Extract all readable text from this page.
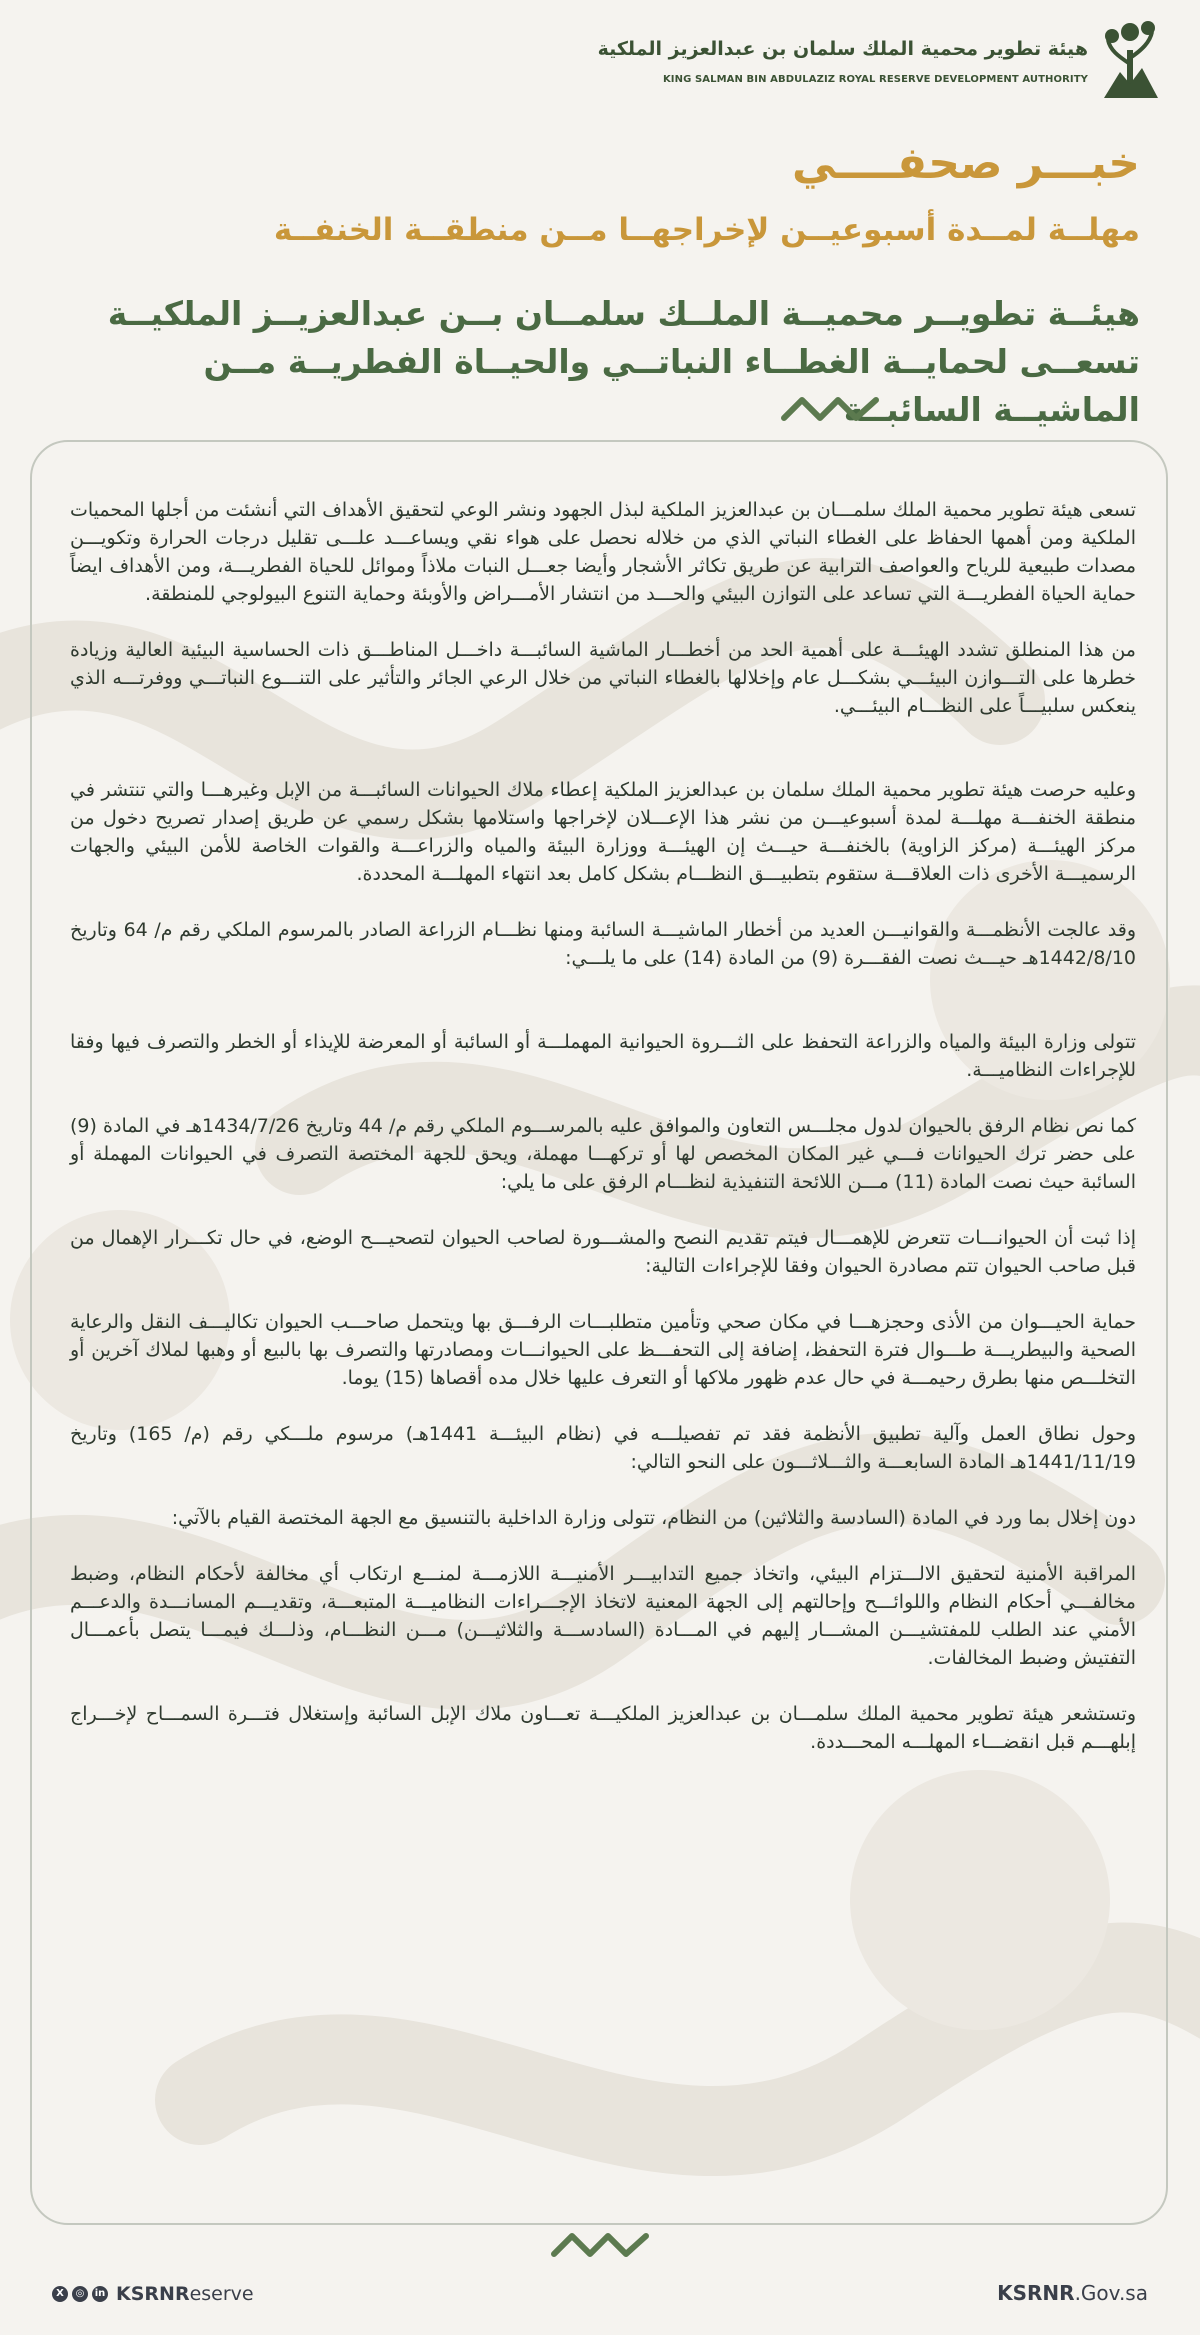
هيئة تطوير محمية الملك سلمان بن عبدالعزيز الملكية
KING SALMAN BIN ABDULAZIZ ROYAL RESERVE DEVELOPMENT AUTHORITY
خبـــر صحفــــي
مهلــة لمــدة أسبوعيــن لإخراجهــا مــن منطقــة الخنفــة
هيئــة تطويــر محميــة الملــك سلمــان بــن عبدالعزيــز الملكيــة تسعــى لحمايــة الغطــاء النباتــي والحيــاة الفطريــة مــن الماشيــة السائبــة

تسعى هيئة تطوير محمية الملك سلمـــان بن عبدالعزيز الملكية لبذل الجهود ونشر الوعي لتحقيق الأهداف التي أنشئت من أجلها المحميات الملكية ومن أهمها الحفاظ على الغطاء النباتي الذي من خلاله نحصل على هواء نقي ويساعـــد علـــى تقليل درجات الحرارة وتكويـــن مصدات طبيعية للرياح والعواصف الترابية عن طريق تكاثر الأشجار وأيضا جعـــل النبات ملاذاً وموائل للحياة الفطريـــة، ومن الأهداف ايضاً حماية الحياة الفطريـــة التي تساعد على التوازن البيئي والحـــد من انتشار الأمـــراض والأوبئة وحماية التنوع البيولوجي للمنطقة.

من هذا المنطلق تشدد الهيئـــة على أهمية الحد من أخطـــار الماشية السائبـــة داخـــل المناطـــق ذات الحساسية البيئية العالية وزيادة خطرها على التـــوازن البيئـــي بشكـــل عام وإخلالها بالغطاء النباتي من خلال الرعي الجائر والتأثير على التنـــوع النباتـــي ووفرتـــه الذي ينعكس سلبيـــاً على النظـــام البيئـــي.

وعليه حرصت هيئة تطوير محمية الملك سلمان بن عبدالعزيز الملكية إعطاء ملاك الحيوانات السائبـــة من الإبل وغيرهـــا والتي تنتشر في منطقة الخنفـــة مهلـــة لمدة أسبوعيـــن من نشر هذا الإعـــلان لإخراجها واستلامها بشكل رسمي عن طريق إصدار تصريح دخول من مركز الهيئـــة (مركز الزاوية) بالخنفـــة حيـــث إن الهيئـــة ووزارة البيئة والمياه والزراعـــة والقوات الخاصة للأمن البيئي والجهات الرسميـــة الأخرى ذات العلاقـــة ستقوم بتطبيـــق النظـــام بشكل كامل بعد انتهاء المهلـــة المحددة.

وقد عالجت الأنظمـــة والقوانيـــن العديد من أخطار الماشيـــة السائبة ومنها نظـــام الزراعة الصادر بالمرسوم الملكي رقم م/ 64 وتاريخ 1442/8/10هـ حيـــث نصت الفقـــرة (9) من المادة (14) على ما يلـــي:

تتولى وزارة البيئة والمياه والزراعة التحفظ على الثـــروة الحيوانية المهملـــة أو السائبة أو المعرضة للإيذاء أو الخطر والتصرف فيها وفقا للإجراءات النظاميـــة.

كما نص نظام الرفق بالحيوان لدول مجلـــس التعاون والموافق عليه بالمرســـوم الملكي رقم م/ 44 وتاريخ 1434/7/26هـ في المادة (9) على حضر ترك الحيوانات فـــي غير المكان المخصص لها أو تركهـــا مهملة، ويحق للجهة المختصة التصرف في الحيوانات المهملة أو السائبة حيث نصت المادة (11) مـــن اللائحة التنفيذية لنظـــام الرفق على ما يلي:

إذا ثبت أن الحيوانـــات تتعرض للإهمـــال فيتم تقديم النصح والمشـــورة لصاحب الحيوان لتصحيـــح الوضع، في حال تكـــرار الإهمال من قبل صاحب الحيوان تتم مصادرة الحيوان وفقا للإجراءات التالية:

حماية الحيـــوان من الأذى وحجزهـــا في مكان صحي وتأمين متطلبـــات الرفـــق بها ويتحمل صاحـــب الحيوان تكاليـــف النقل والرعاية الصحية والبيطريـــة طـــوال فترة التحفظ، إضافة إلى التحفـــظ على الحيوانـــات ومصادرتها والتصرف بها بالبيع أو وهبها لملاك آخرين أو التخلـــص منها بطرق رحيمـــة في حال عدم ظهور ملاكها أو التعرف عليها خلال مده أقصاها (15) يوما.

وحول نطاق العمل وآلية تطبيق الأنظمة فقد تم تفصيلـــه في (نظام البيئـــة 1441هـ) مرسوم ملـــكي رقم (م/ 165) وتاريخ 1441/11/19هـ المادة السابعـــة والثـــلاثـــون على النحو التالي:

دون إخلال بما ورد في المادة (السادسة والثلاثين) من النظام، تتولى وزارة الداخلية بالتنسيق مع الجهة المختصة القيام بالآتي:

المراقبة الأمنية لتحقيق الالـــتزام البيئي، واتخاذ جميع التدابيـــر الأمنيـــة اللازمـــة لمنـــع ارتكاب أي مخالفة لأحكام النظام، وضبط مخالفـــي أحكام النظام واللوائـــح وإحالتهم إلى الجهة المعنية لاتخاذ الإجـــراءات النظاميـــة المتبعـــة، وتقديـــم المسانـــدة والدعـــم الأمني عند الطلب للمفتشيـــن المشـــار إليهم في المـــادة (السادســـة والثلاثيـــن) مـــن النظـــام، وذلـــك فيمـــا يتصل بأعمـــال التفتيش وضبط المخالفات.

وتستشعر هيئة تطوير محمية الملك سلمـــان بن عبدالعزيز الملكيـــة تعـــاون ملاك الإبل السائبة وإستغلال فتـــرة السمـــاح لإخـــراج إبلهـــم قبل انقضـــاء المهلـــه المحـــددة.

X	◎	in KSRNReserve	KSRNR.Gov.sa
